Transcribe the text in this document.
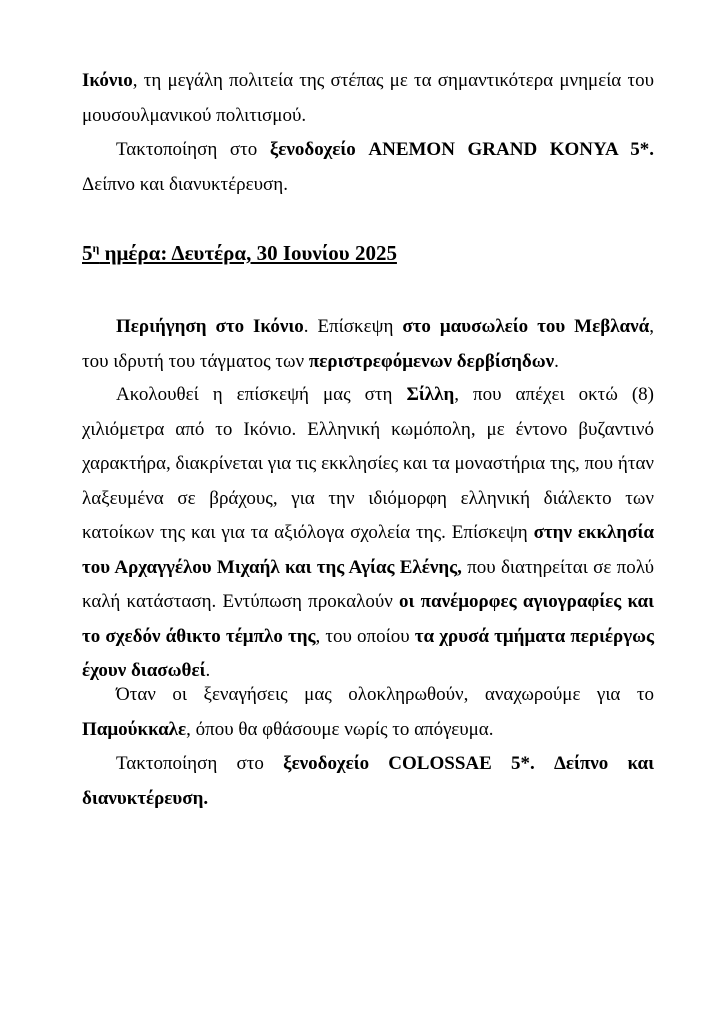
Ικόνιο, τη μεγάλη πολιτεία της στέπας με τα σημαντικότερα μνημεία του μουσουλμανικού πολιτισμού.

Τακτοποίηση στο ξενοδοχείο ANEMON GRAND KONYA 5*. Δείπνο και διανυκτέρευση.

$5^\eta$ ημέρα: Δευτέρα, 30 Ιουνίου 2025

Περιήγηση στο Ικόνιο. Επίσκεψη στο μαυσωλείο του Μεβλανά, του ιδρυτή του τάγματος των περιστρεφόμενων δερβίσηδων.

Ακολουθεί η επίσκεψή μας στη Σίλλη, που απέχει οκτώ (8) χιλιόμετρα από το Ικόνιο. Ελληνική κωμόπολη, με έντονο βυζαντινό χαρακτήρα, διακρίνεται για τις εκκλησίες και τα μοναστήρια της, που ήταν λαξευμένα σε βράχους, για την ιδιόμορφη ελληνική διάλεκτο των κατοίκων της και για τα αξιόλογα σχολεία της. Επίσκεψη στην εκκλησία του Αρχαγγέλου Μιχαήλ και της Αγίας Ελένης, που διατηρείται σε πολύ καλή κατάσταση. Εντύπωση προκαλούν οι πανέμορφες αγιογραφίες και το σχεδόν άθικτο τέμπλο της, του οποίου τα χρυσά τμήματα περιέργως έχουν διασωθεί.

Όταν οι ξεναγήσεις μας ολοκληρωθούν, αναχωρούμε για το Παμούκκαλε, όπου θα φθάσουμε νωρίς το απόγευμα.

Τακτοποίηση στο ξενοδοχείο COLOSSAE 5*. Δείπνο και διανυκτέρευση.
